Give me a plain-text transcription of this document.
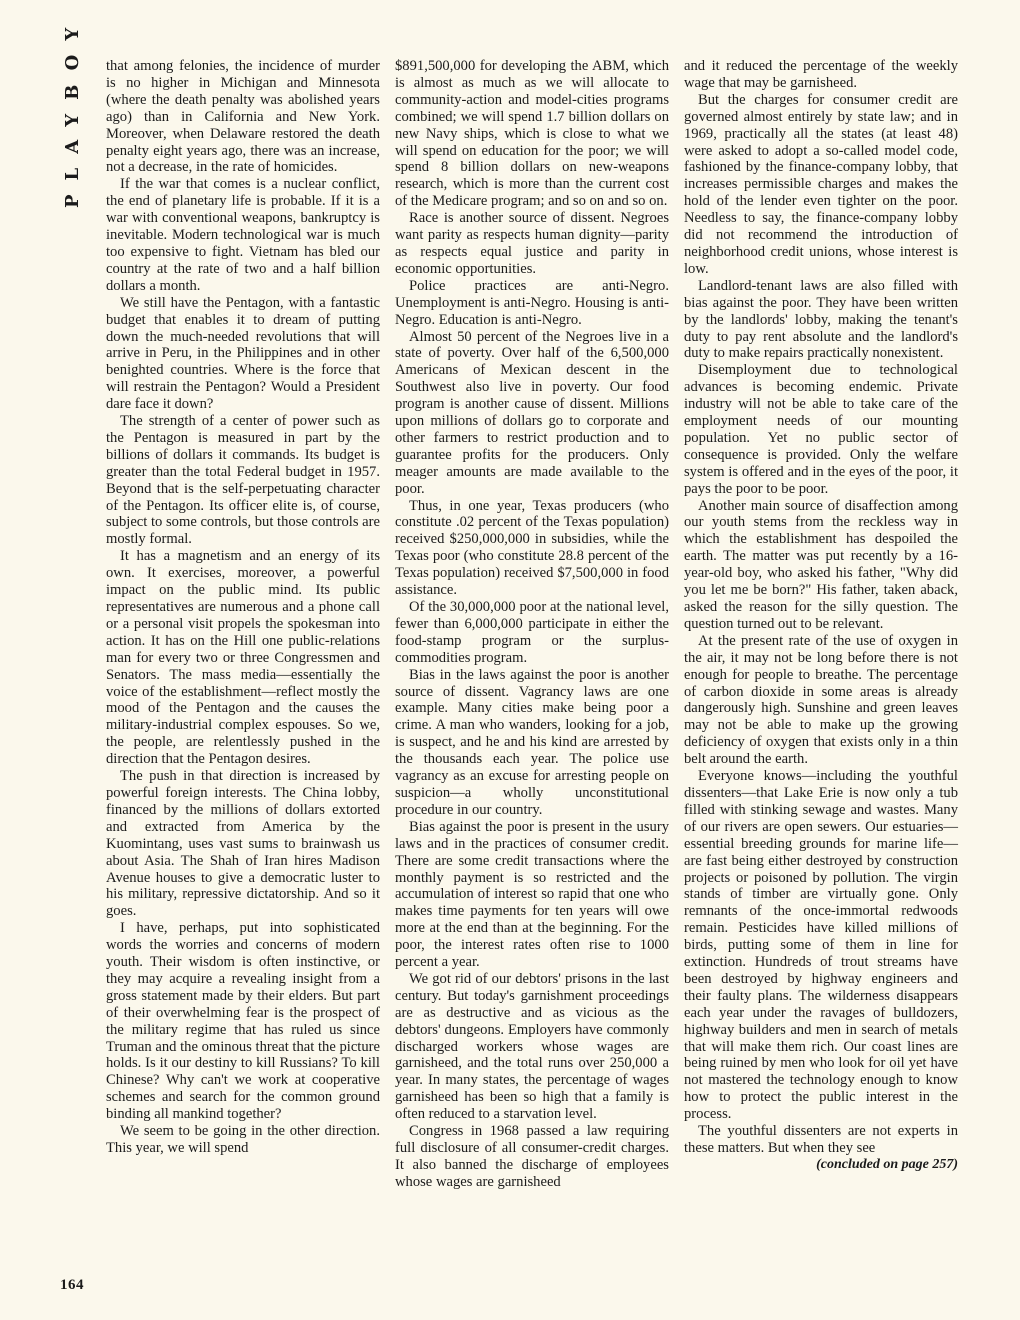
PLAYBOY that among felonies, the incidence of murder is no higher in Michigan and Minnesota (where the death penalty was abolished years ago) than in California and New York. Moreover, when Delaware restored the death penalty eight years ago, there was an increase, not a decrease, in the rate of homicides.

If the war that comes is a nuclear conflict, the end of planetary life is probable. If it is a war with conventional weapons, bankruptcy is inevitable. Modern technological war is much too expensive to fight. Vietnam has bled our country at the rate of two and a half billion dollars a month.

We still have the Pentagon, with a fantastic budget that enables it to dream of putting down the much-needed revolutions that will arrive in Peru, in the Philippines and in other benighted countries. Where is the force that will restrain the Pentagon? Would a President dare face it down?

The strength of a center of power such as the Pentagon is measured in part by the billions of dollars it commands. Its budget is greater than the total Federal budget in 1957. Beyond that is the self-perpetuating character of the Pentagon. Its officer elite is, of course, subject to some controls, but those controls are mostly formal.

It has a magnetism and an energy of its own. It exercises, moreover, a powerful impact on the public mind. Its public representatives are numerous and a phone call or a personal visit propels the spokesman into action. It has on the Hill one public-relations man for every two or three Congressmen and Senators. The mass media—essentially the voice of the establishment—reflect mostly the mood of the Pentagon and the causes the military-industrial complex espouses. So we, the people, are relentlessly pushed in the direction that the Pentagon desires.

The push in that direction is increased by powerful foreign interests. The China lobby, financed by the millions of dollars extorted and extracted from America by the Kuomintang, uses vast sums to brainwash us about Asia. The Shah of Iran hires Madison Avenue houses to give a democratic luster to his military, repressive dictatorship. And so it goes.

I have, perhaps, put into sophisticated words the worries and concerns of modern youth. Their wisdom is often instinctive, or they may acquire a revealing insight from a gross statement made by their elders. But part of their overwhelming fear is the prospect of the military regime that has ruled us since Truman and the ominous threat that the picture holds. Is it our destiny to kill Russians? To kill Chinese? Why can't we work at cooperative schemes and search for the common ground binding all mankind together?

We seem to be going in the other direction. This year, we will spend

$891,500,000 for developing the ABM, which is almost as much as we will allocate to community-action and model-cities programs combined; we will spend 1.7 billion dollars on new Navy ships, which is close to what we will spend on education for the poor; we will spend 8 billion dollars on new-weapons research, which is more than the current cost of the Medicare program; and so on and so on.

Race is another source of dissent. Negroes want parity as respects human dignity—parity as respects equal justice and parity in economic opportunities.

Police practices are anti-Negro. Unemployment is anti-Negro. Housing is anti-Negro. Education is anti-Negro.

Almost 50 percent of the Negroes live in a state of poverty. Over half of the 6,500,000 Americans of Mexican descent in the Southwest also live in poverty. Our food program is another cause of dissent. Millions upon millions of dollars go to corporate and other farmers to restrict production and to guarantee profits for the producers. Only meager amounts are made available to the poor.

Thus, in one year, Texas producers (who constitute .02 percent of the Texas population) received $250,000,000 in subsidies, while the Texas poor (who constitute 28.8 percent of the Texas population) received $7,500,000 in food assistance.

Of the 30,000,000 poor at the national level, fewer than 6,000,000 participate in either the food-stamp program or the surplus-commodities program.

Bias in the laws against the poor is another source of dissent. Vagrancy laws are one example. Many cities make being poor a crime. A man who wanders, looking for a job, is suspect, and he and his kind are arrested by the thousands each year. The police use vagrancy as an excuse for arresting people on suspicion—a wholly unconstitutional procedure in our country.

Bias against the poor is present in the usury laws and in the practices of consumer credit. There are some credit transactions where the monthly payment is so restricted and the accumulation of interest so rapid that one who makes time payments for ten years will owe more at the end than at the beginning. For the poor, the interest rates often rise to 1000 percent a year.

We got rid of our debtors' prisons in the last century. But today's garnishment proceedings are as destructive and as vicious as the debtors' dungeons. Employers have commonly discharged workers whose wages are garnisheed, and the total runs over 250,000 a year. In many states, the percentage of wages garnisheed has been so high that a family is often reduced to a starvation level.

Congress in 1968 passed a law requiring full disclosure of all consumer-credit charges. It also banned the discharge of employees whose wages are garnisheed

and it reduced the percentage of the weekly wage that may be garnisheed.

But the charges for consumer credit are governed almost entirely by state law; and in 1969, practically all the states (at least 48) were asked to adopt a so-called model code, fashioned by the finance-company lobby, that increases permissible charges and makes the hold of the lender even tighter on the poor. Needless to say, the finance-company lobby did not recommend the introduction of neighborhood credit unions, whose interest is low.

Landlord-tenant laws are also filled with bias against the poor. They have been written by the landlords' lobby, making the tenant's duty to pay rent absolute and the landlord's duty to make repairs practically nonexistent.

Disemployment due to technological advances is becoming endemic. Private industry will not be able to take care of the employment needs of our mounting population. Yet no public sector of consequence is provided. Only the welfare system is offered and in the eyes of the poor, it pays the poor to be poor.

Another main source of disaffection among our youth stems from the reckless way in which the establishment has despoiled the earth. The matter was put recently by a 16-year-old boy, who asked his father, "Why did you let me be born?" His father, taken aback, asked the reason for the silly question. The question turned out to be relevant.

At the present rate of the use of oxygen in the air, it may not be long before there is not enough for people to breathe. The percentage of carbon dioxide in some areas is already dangerously high. Sunshine and green leaves may not be able to make up the growing deficiency of oxygen that exists only in a thin belt around the earth.

Everyone knows—including the youthful dissenters—that Lake Erie is now only a tub filled with stinking sewage and wastes. Many of our rivers are open sewers. Our estuaries—essential breeding grounds for marine life—are fast being either destroyed by construction projects or poisoned by pollution. The virgin stands of timber are virtually gone. Only remnants of the once-immortal redwoods remain. Pesticides have killed millions of birds, putting some of them in line for extinction. Hundreds of trout streams have been destroyed by highway engineers and their faulty plans. The wilderness disappears each year under the ravages of bulldozers, highway builders and men in search of metals that will make them rich. Our coast lines are being ruined by men who look for oil yet have not mastered the technology enough to know how to protect the public interest in the process.

The youthful dissenters are not experts in these matters. But when they see

(concluded on page 257)

164
